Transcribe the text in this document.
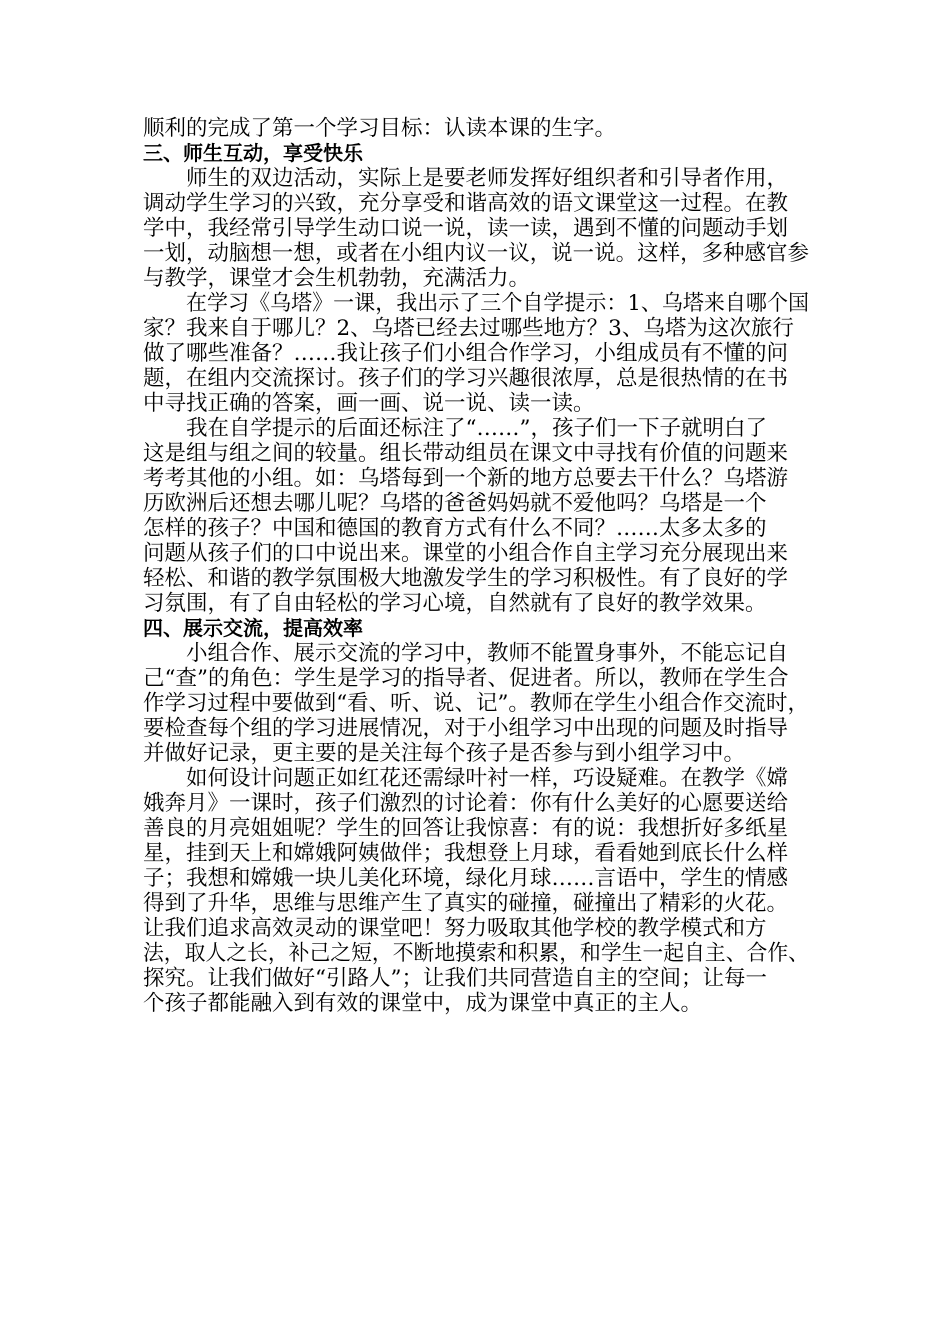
顺利的完成了第一个学习目标：认读本课的生字。
三、师生互动，享受快乐
师生的双边活动，实际上是要老师发挥好组织者和引导者作用，
调动学生学习的兴致，充分享受和谐高效的语文课堂这一过程。在教
学中，我经常引导学生动口说一说，读一读，遇到不懂的问题动手划
一划，动脑想一想，或者在小组内议一议，说一说。这样，多种感官参
与教学，课堂才会生机勃勃，充满活力。
在学习《乌塔》一课，我出示了三个自学提示：1、乌塔来自哪个国
家？我来自于哪儿？2、乌塔已经去过哪些地方？3、乌塔为这次旅行
做了哪些准备？……我让孩子们小组合作学习，小组成员有不懂的问
题，在组内交流探讨。孩子们的学习兴趣很浓厚，总是很热情的在书
中寻找正确的答案，画一画、说一说、读一读。
我在自学提示的后面还标注了“……”，孩子们一下子就明白了
这是组与组之间的较量。组长带动组员在课文中寻找有价值的问题来
考考其他的小组。如：乌塔每到一个新的地方总要去干什么？乌塔游
历欧洲后还想去哪儿呢？乌塔的爸爸妈妈就不爱他吗？乌塔是一个
怎样的孩子？中国和德国的教育方式有什么不同？……太多太多的
问题从孩子们的口中说出来。课堂的小组合作自主学习充分展现出来
轻松、和谐的教学氛围极大地激发学生的学习积极性。有了良好的学
习氛围，有了自由轻松的学习心境，自然就有了良好的教学效果。
四、展示交流，提高效率
小组合作、展示交流的学习中，教师不能置身事外，不能忘记自
己“查”的角色：学生是学习的指导者、促进者。所以，教师在学生合
作学习过程中要做到“看、听、说、记”。教师在学生小组合作交流时，
要检查每个组的学习进展情况，对于小组学习中出现的问题及时指导
并做好记录，更主要的是关注每个孩子是否参与到小组学习中。
如何设计问题正如红花还需绿叶衬一样，巧设疑难。在教学《嫦
娥奔月》一课时，孩子们激烈的讨论着：你有什么美好的心愿要送给
善良的月亮姐姐呢？学生的回答让我惊喜：有的说：我想折好多纸星
星，挂到天上和嫦娥阿姨做伴；我想登上月球，看看她到底长什么样
子；我想和嫦娥一块儿美化环境，绿化月球……言语中，学生的情感
得到了升华，思维与思维产生了真实的碰撞，碰撞出了精彩的火花。
让我们追求高效灵动的课堂吧！努力吸取其他学校的教学模式和方
法，取人之长，补己之短，不断地摸索和积累，和学生一起自主、合作、
探究。让我们做好“引路人”；让我们共同营造自主的空间；让每一
个孩子都能融入到有效的课堂中，成为课堂中真正的主人。
